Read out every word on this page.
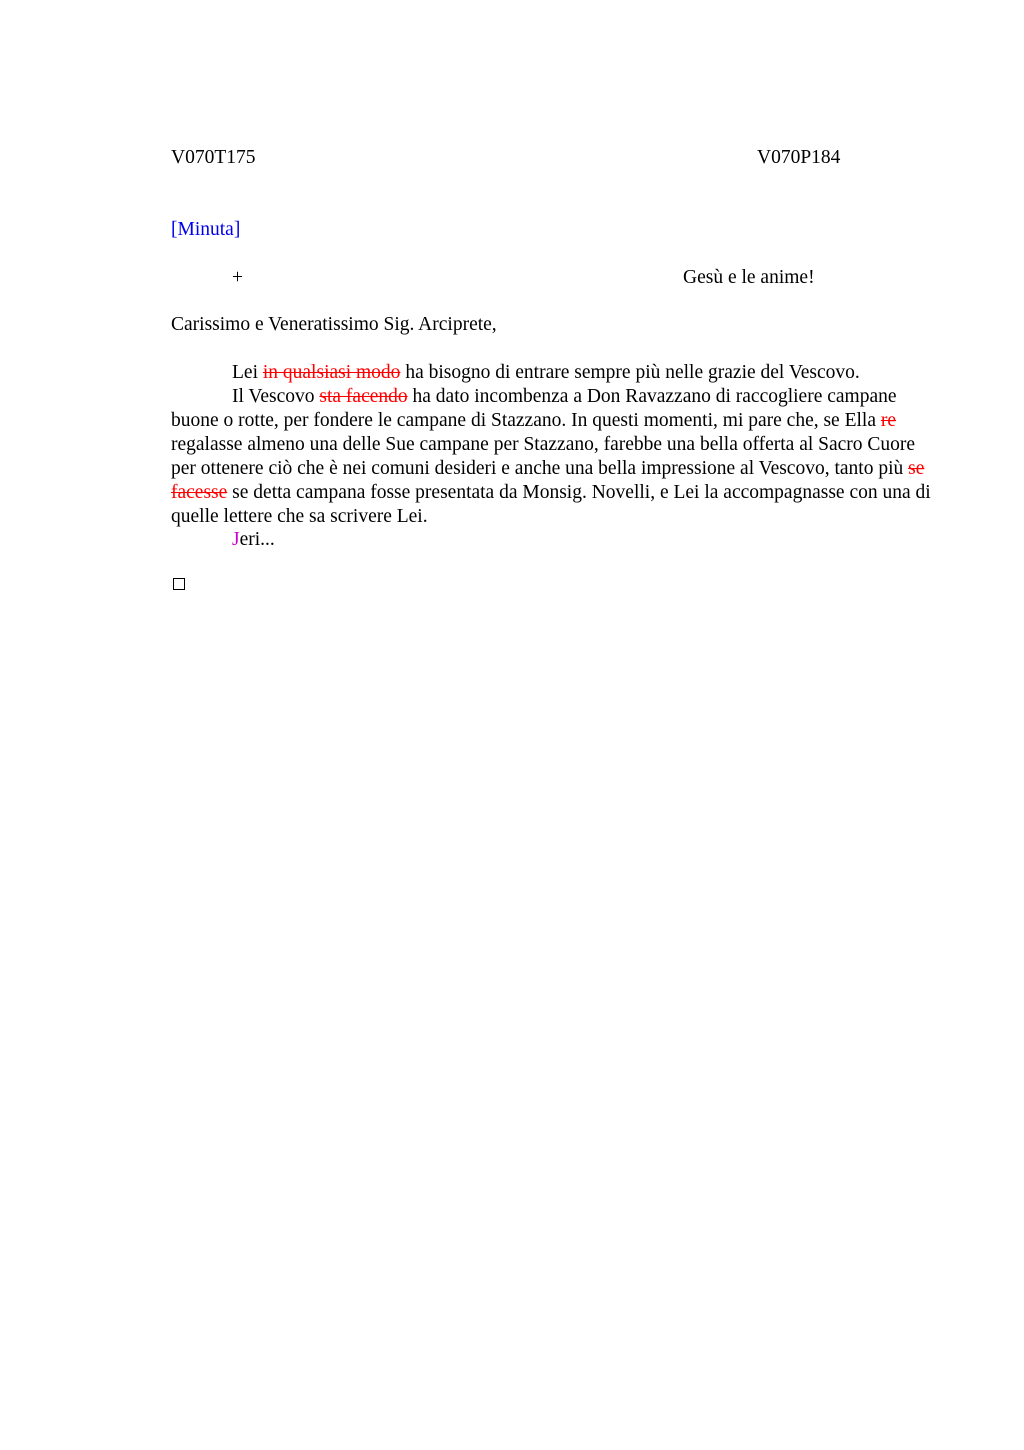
V070T175	V070P184
[Minuta]
+	Gesù e le anime!
Carissimo e Veneratissimo Sig. Arciprete,

Lei in qualsiasi modo ha bisogno di entrare sempre più nelle grazie del Vescovo.

Il Vescovo sta facendo ha dato incombenza a Don Ravazzano di raccogliere campane buone o rotte, per fondere le campane di Stazzano. In questi momenti, mi pare che, se Ella re regalasse almeno una delle Sue campane per Stazzano, farebbe una bella offerta al Sacro Cuore per ottenere ciò che è nei comuni desideri e anche una bella impressione al Vescovo, tanto più se facesse se detta campana fosse presentata da Monsig. Novelli, e Lei la accompagnasse con una di quelle lettere che sa scrivere Lei.

Jeri...
